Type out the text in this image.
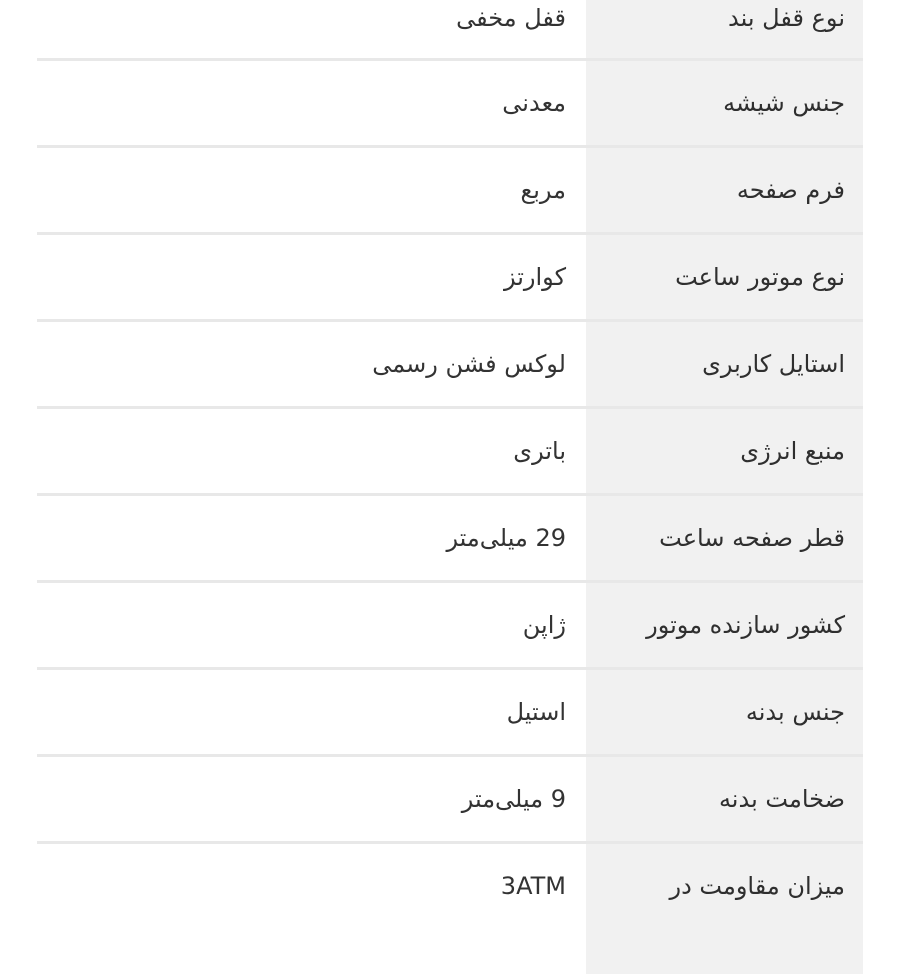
نوع قفل بند
قفل مخفی
جنس شیشه
معدنی
فرم صفحه
مربع
نوع موتور ساعت
کوارتز
استایل کاربری
لوکس فشن رسمی
منبع انرژی
باتری
قطر صفحه ساعت
29 میلی‌متر
کشور سازنده موتور
ژاپن
جنس بدنه
استیل
ضخامت بدنه
9 میلی‌متر
میزان مقاومت در
3ATM
